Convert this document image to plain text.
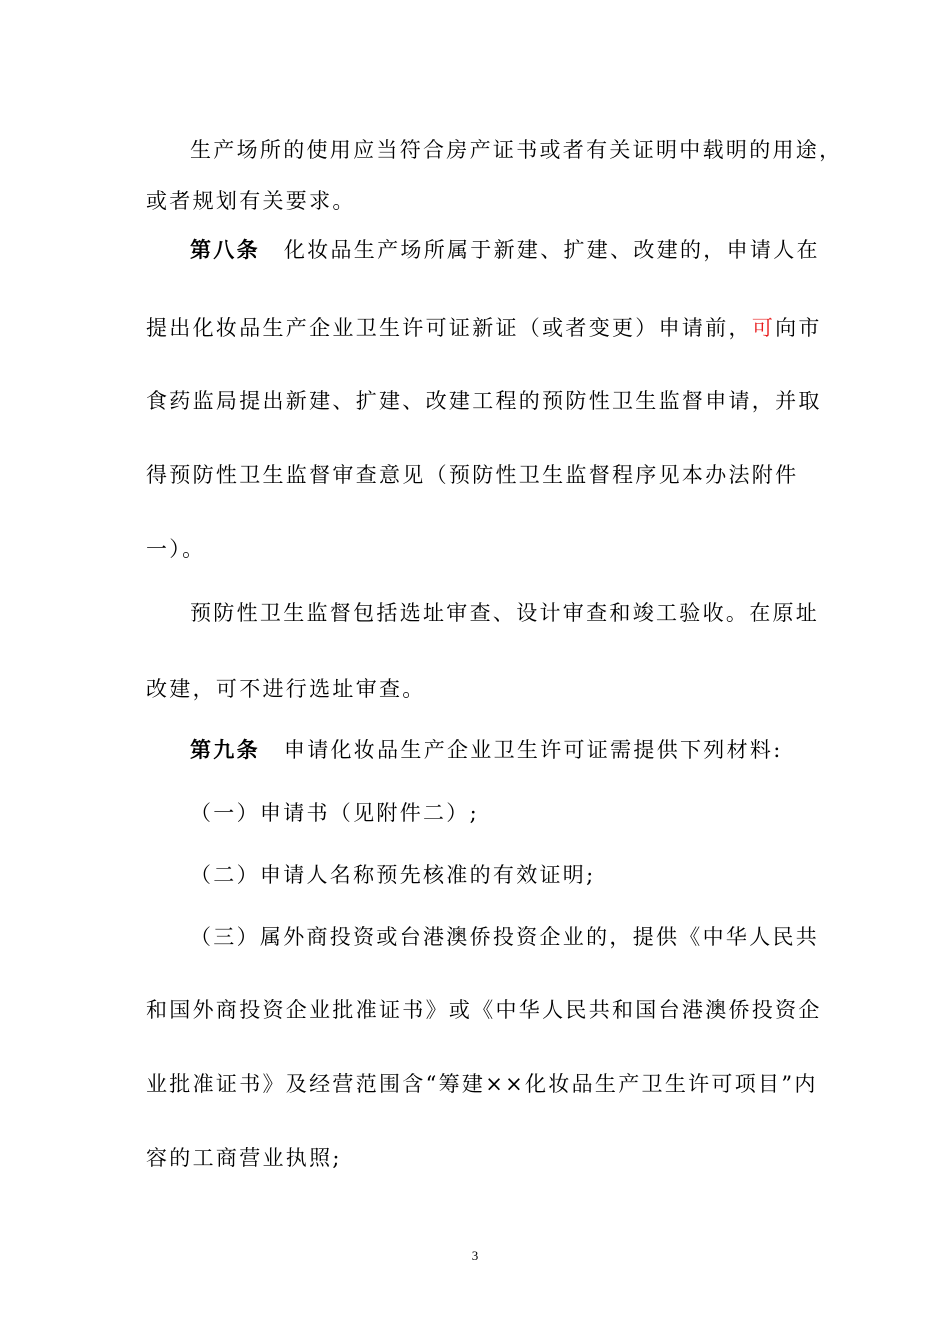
生产场所的使用应当符合房产证书或者有关证明中载明的用途，
或者规划有关要求。
第八条 化妆品生产场所属于新建、扩建、改建的，申请人在
提出化妆品生产企业卫生许可证新证（或者变更）申请前，可向市
食药监局提出新建、扩建、改建工程的预防性卫生监督申请，并取
得预防性卫生监督审查意见（预防性卫生监督程序见本办法附件
一）。
预防性卫生监督包括选址审查、设计审查和竣工验收。在原址
改建，可不进行选址审查。
第九条 申请化妆品生产企业卫生许可证需提供下列材料:
（一）申请书（见附件二）;
（二）申请人名称预先核准的有效证明;
（三）属外商投资或台港澳侨投资企业的，提供《中华人民共
和国外商投资企业批准证书》或《中华人民共和国台港澳侨投资企
业批准证书》及经营范围含“筹建××化妆品生产卫生许可项目”内
容的工商营业执照;
3
